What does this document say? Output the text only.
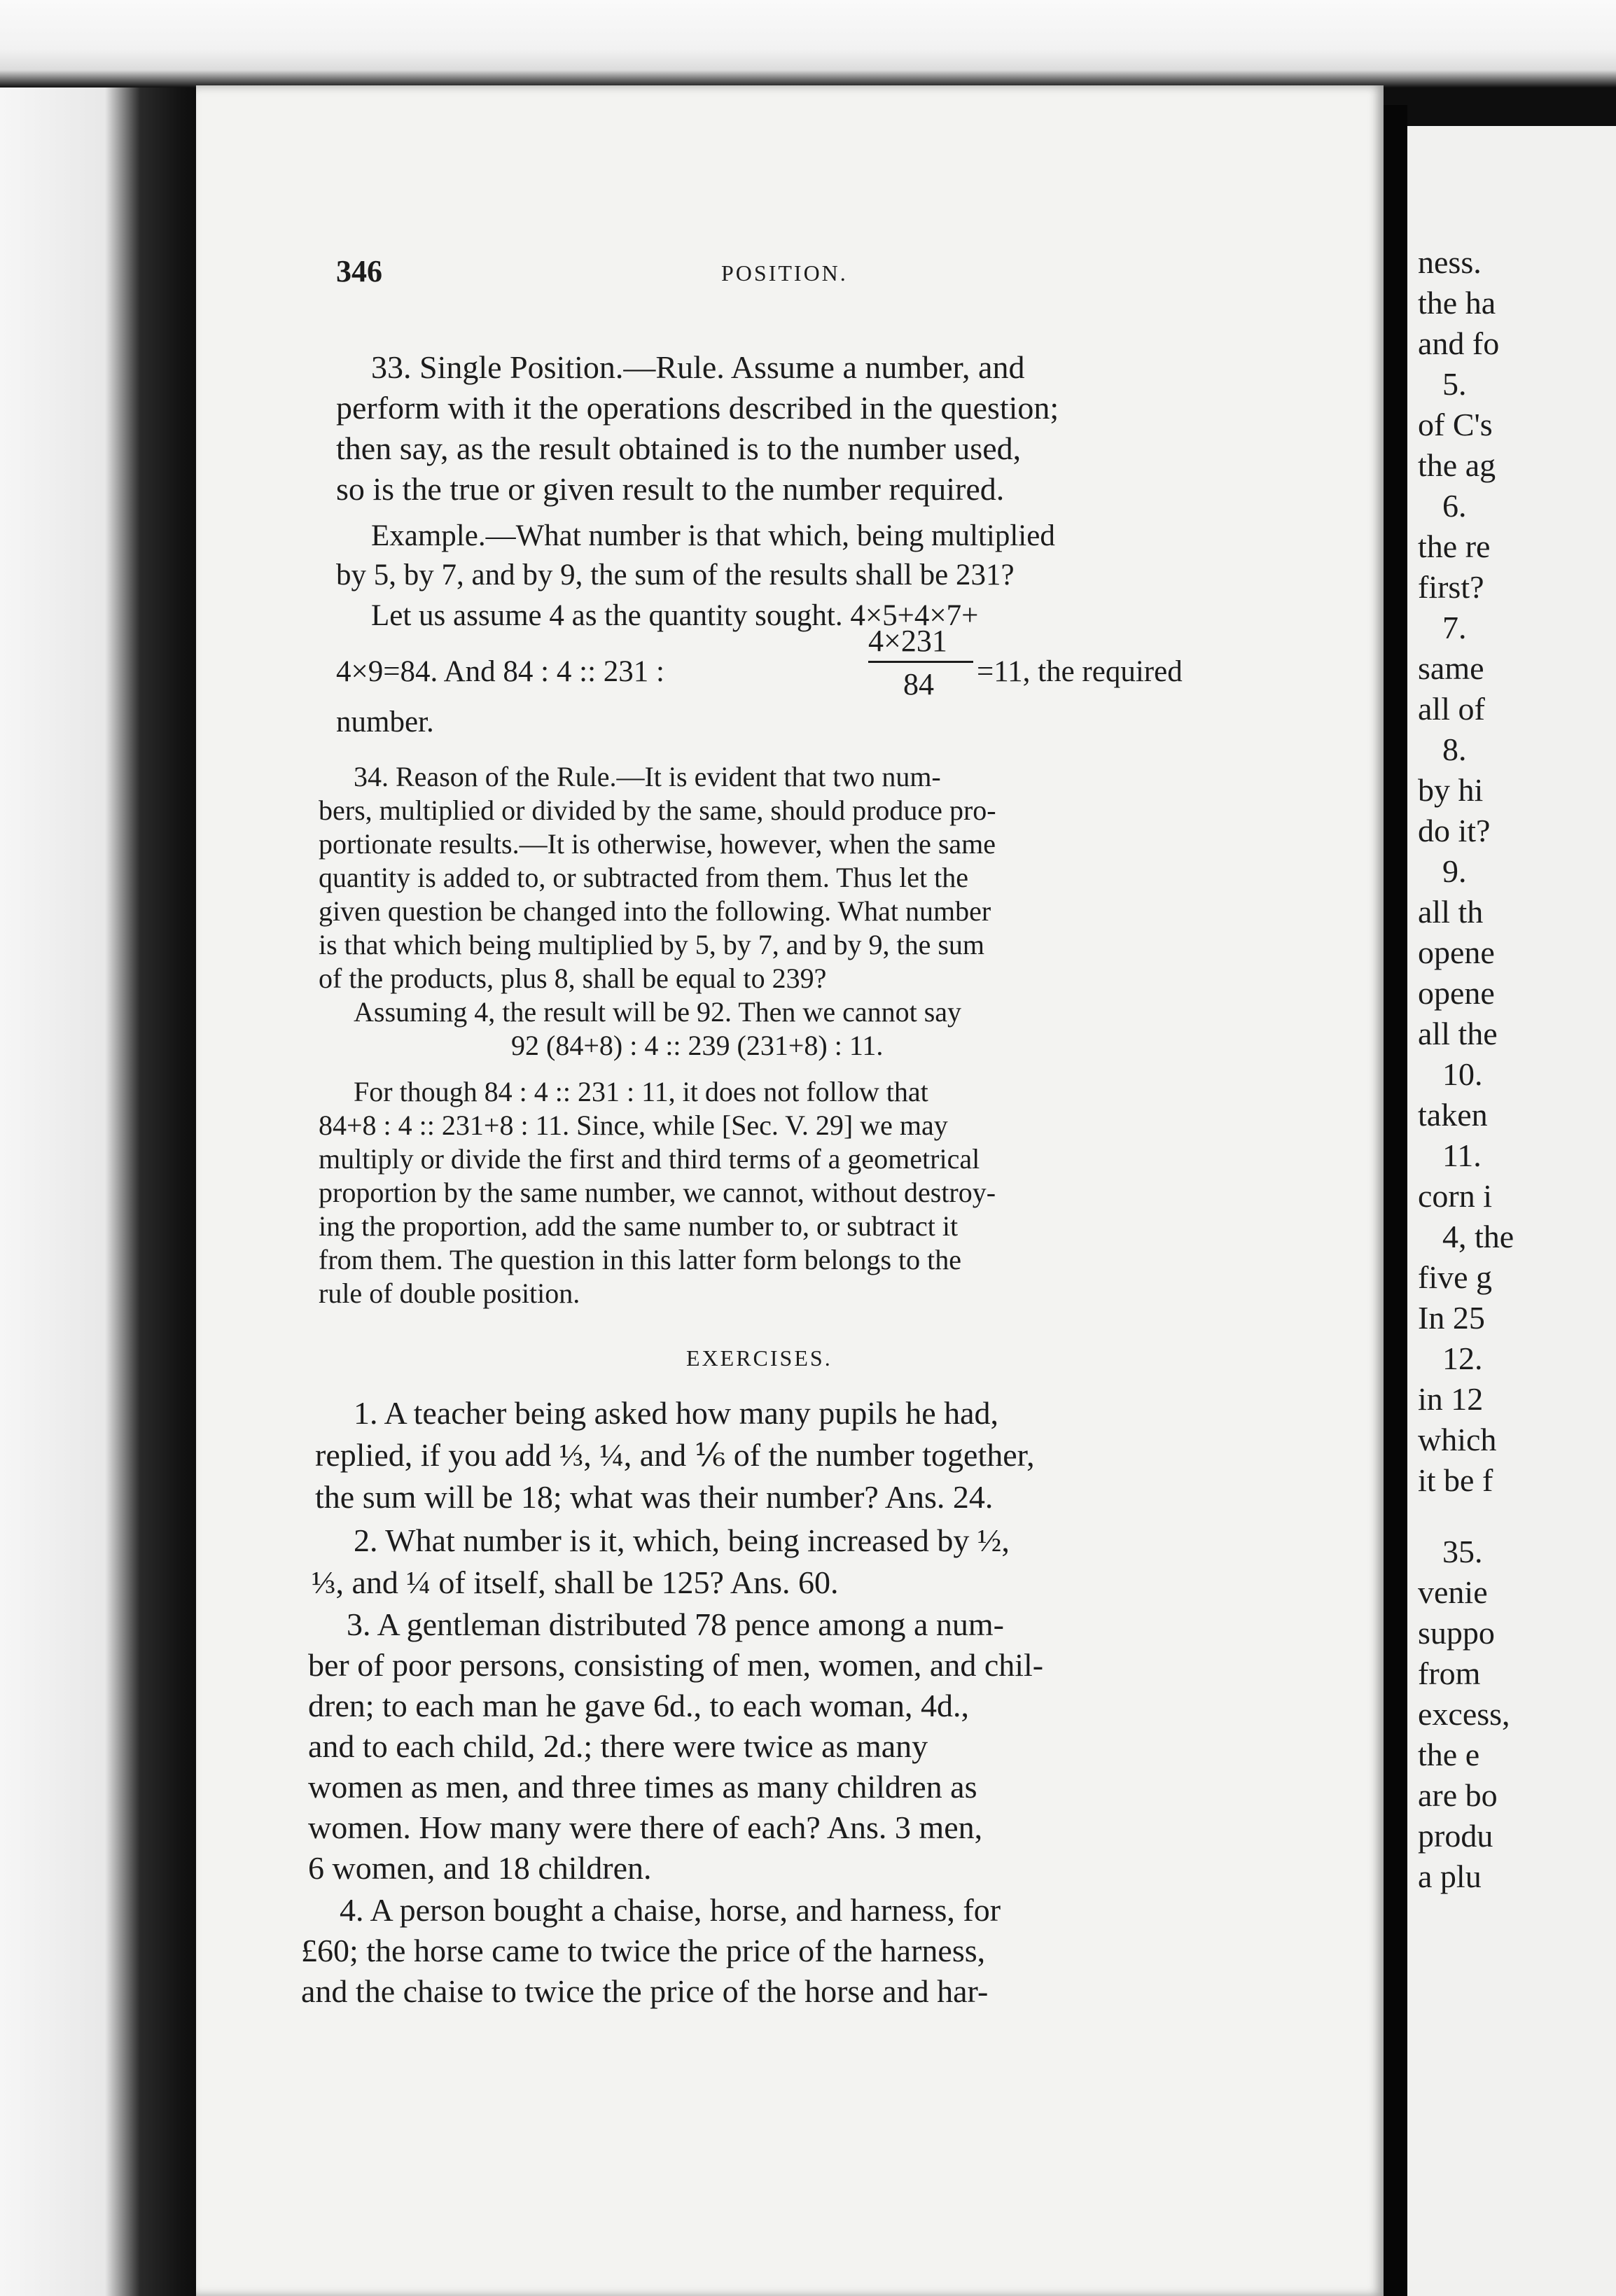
ness.

the ha

and fo

5.

of C's

the ag

6.

the re

first?

7.

same

all of

8.

by hi

do it?

9.

all th

opene

opene

all the

10.

taken

11.

corn i

4, the

five g

In 25

12.

in 12

which

it be f

35.

venie

suppo

from

excess,

the e

are bo

produ

a plu

346	POSITION.

33. Single Position.—Rule. Assume a number, and

perform with it the operations described in the question;

then say, as the result obtained is to the number used,

so is the true or given result to the number required.

Example.—What number is that which, being multiplied

by 5, by 7, and by 9, the sum of the results shall be 231?

Let us assume 4 as the quantity sought. 4×5+4×7+

4×9=84. And 84 : 4 :: 231 :

4×231
84 =11, the required

number.

34. Reason of the Rule.—It is evident that two num-

bers, multiplied or divided by the same, should produce pro-

portionate results.—It is otherwise, however, when the same

quantity is added to, or subtracted from them. Thus let the

given question be changed into the following. What number

is that which being multiplied by 5, by 7, and by 9, the sum

of the products, plus 8, shall be equal to 239?

Assuming 4, the result will be 92. Then we cannot say

92 (84+8) : 4 :: 239 (231+8) : 11.

For though 84 : 4 :: 231 : 11, it does not follow that

84+8 : 4 :: 231+8 : 11. Since, while [Sec. V. 29] we may

multiply or divide the first and third terms of a geometrical

proportion by the same number, we cannot, without destroy-

ing the proportion, add the same number to, or subtract it

from them. The question in this latter form belongs to the

rule of double position.

EXERCISES.

1. A teacher being asked how many pupils he had,

replied, if you add ⅓, ¼, and ⅙ of the number together,

the sum will be 18; what was their number? Ans. 24.

2. What number is it, which, being increased by ½,

⅓, and ¼ of itself, shall be 125? Ans. 60.

3. A gentleman distributed 78 pence among a num-

ber of poor persons, consisting of men, women, and chil-

dren; to each man he gave 6d., to each woman, 4d.,

and to each child, 2d.; there were twice as many

women as men, and three times as many children as

women. How many were there of each? Ans. 3 men,

6 women, and 18 children.

4. A person bought a chaise, horse, and harness, for

£60; the horse came to twice the price of the harness,

and the chaise to twice the price of the horse and har-
